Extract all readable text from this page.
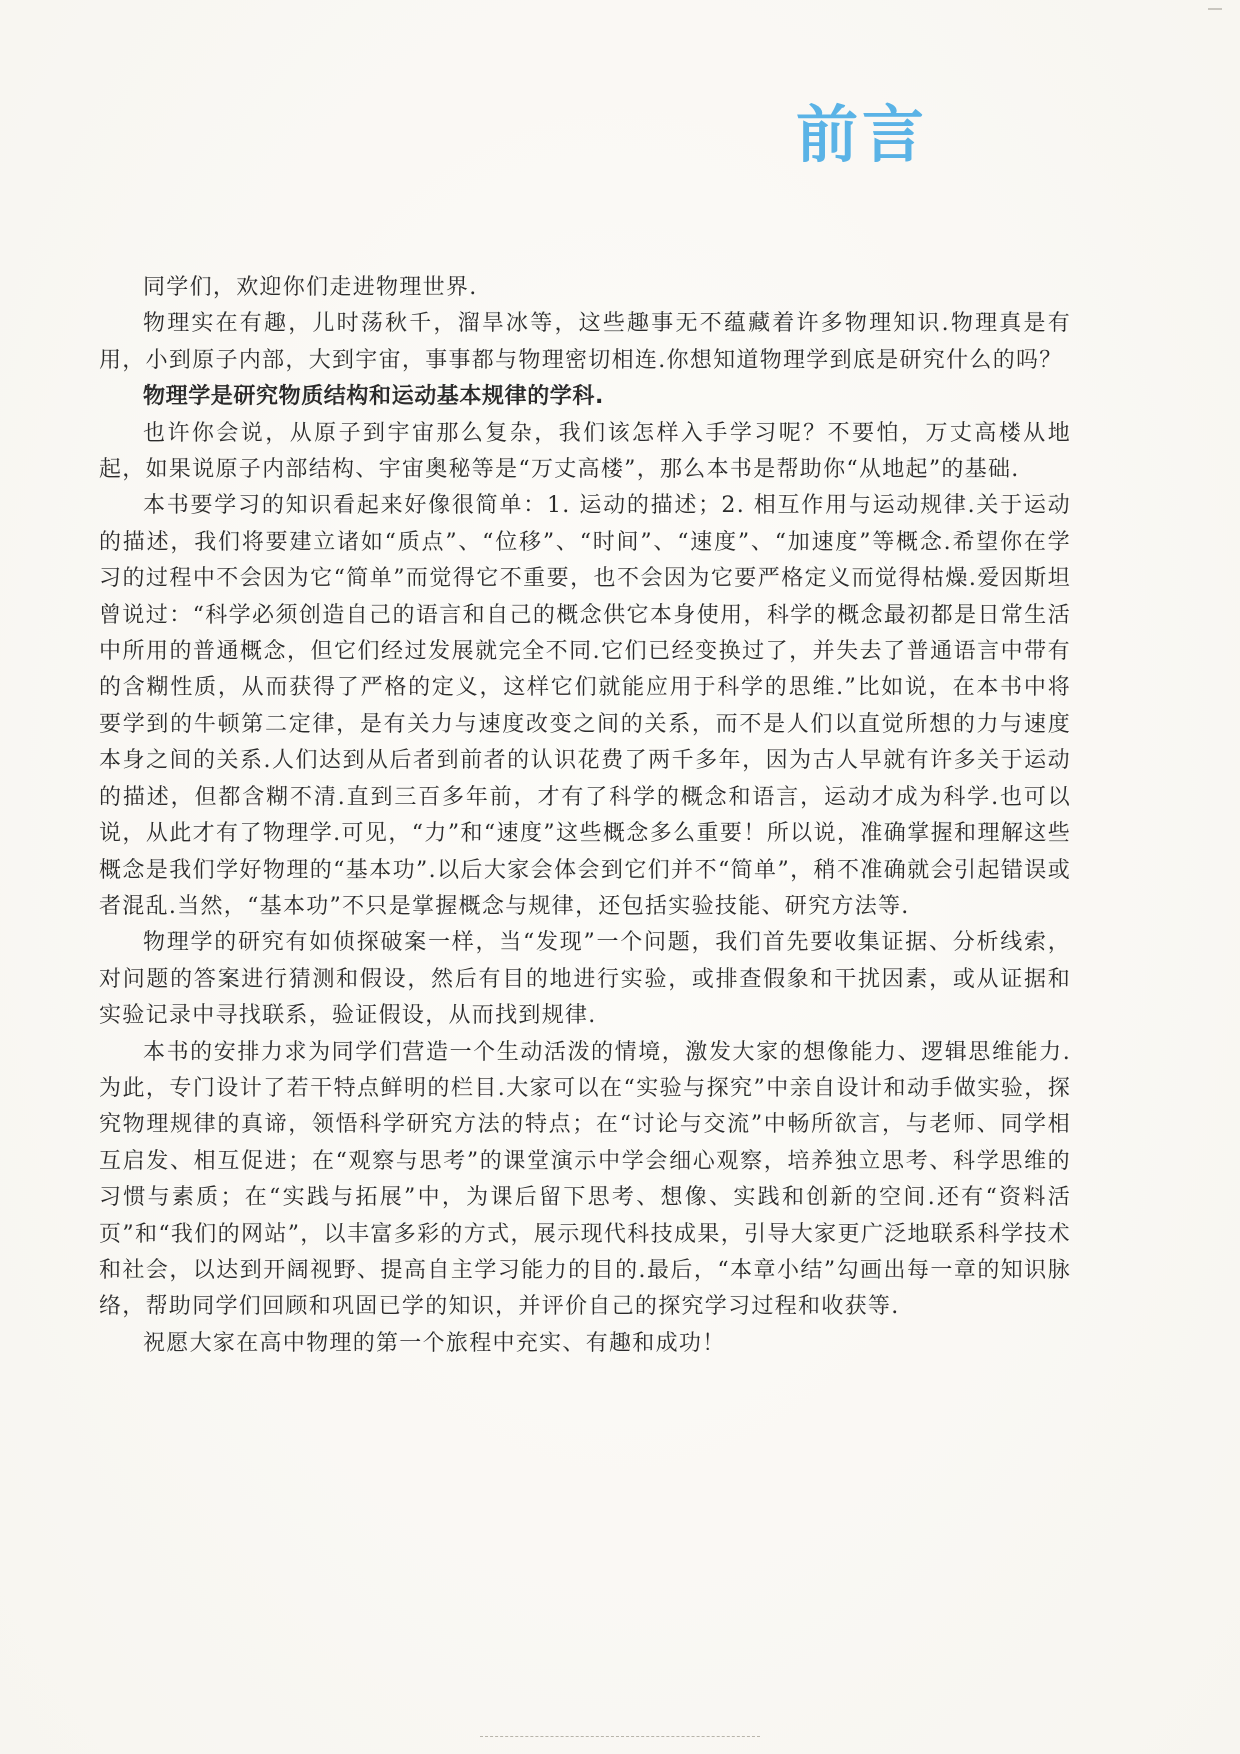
前言

同学们，欢迎你们走进物理世界.

物理实在有趣，儿时荡秋千，溜旱冰等，这些趣事无不蕴藏着许多物理知识.物理真是有用，小到原子内部，大到宇宙，事事都与物理密切相连.你想知道物理学到底是研究什么的吗？

物理学是研究物质结构和运动基本规律的学科.

也许你会说，从原子到宇宙那么复杂，我们该怎样入手学习呢？不要怕，万丈高楼从地起，如果说原子内部结构、宇宙奥秘等是“万丈高楼”，那么本书是帮助你“从地起”的基础.

本书要学习的知识看起来好像很简单：1. 运动的描述；2. 相互作用与运动规律.关于运动的描述，我们将要建立诸如“质点”、“位移”、“时间”、“速度”、“加速度”等概念.希望你在学习的过程中不会因为它“简单”而觉得它不重要，也不会因为它要严格定义而觉得枯燥.爱因斯坦曾说过：“科学必须创造自己的语言和自己的概念供它本身使用，科学的概念最初都是日常生活中所用的普通概念，但它们经过发展就完全不同.它们已经变换过了，并失去了普通语言中带有的含糊性质，从而获得了严格的定义，这样它们就能应用于科学的思维.”比如说，在本书中将要学到的牛顿第二定律，是有关力与速度改变之间的关系，而不是人们以直觉所想的力与速度本身之间的关系.人们达到从后者到前者的认识花费了两千多年，因为古人早就有许多关于运动的描述，但都含糊不清.直到三百多年前，才有了科学的概念和语言，运动才成为科学.也可以说，从此才有了物理学.可见，“力”和“速度”这些概念多么重要！所以说，准确掌握和理解这些概念是我们学好物理的“基本功”.以后大家会体会到它们并不“简单”，稍不准确就会引起错误或者混乱.当然，“基本功”不只是掌握概念与规律，还包括实验技能、研究方法等.

物理学的研究有如侦探破案一样，当“发现”一个问题，我们首先要收集证据、分析线索，对问题的答案进行猜测和假设，然后有目的地进行实验，或排查假象和干扰因素，或从证据和实验记录中寻找联系，验证假设，从而找到规律.

本书的安排力求为同学们营造一个生动活泼的情境，激发大家的想像能力、逻辑思维能力.为此，专门设计了若干特点鲜明的栏目.大家可以在“实验与探究”中亲自设计和动手做实验，探究物理规律的真谛，领悟科学研究方法的特点；在“讨论与交流”中畅所欲言，与老师、同学相互启发、相互促进；在“观察与思考”的课堂演示中学会细心观察，培养独立思考、科学思维的习惯与素质；在“实践与拓展”中，为课后留下思考、想像、实践和创新的空间.还有“资料活页”和“我们的网站”，以丰富多彩的方式，展示现代科技成果，引导大家更广泛地联系科学技术和社会，以达到开阔视野、提高自主学习能力的目的.最后，“本章小结”勾画出每一章的知识脉络，帮助同学们回顾和巩固已学的知识，并评价自己的探究学习过程和收获等.

祝愿大家在高中物理的第一个旅程中充实、有趣和成功！
